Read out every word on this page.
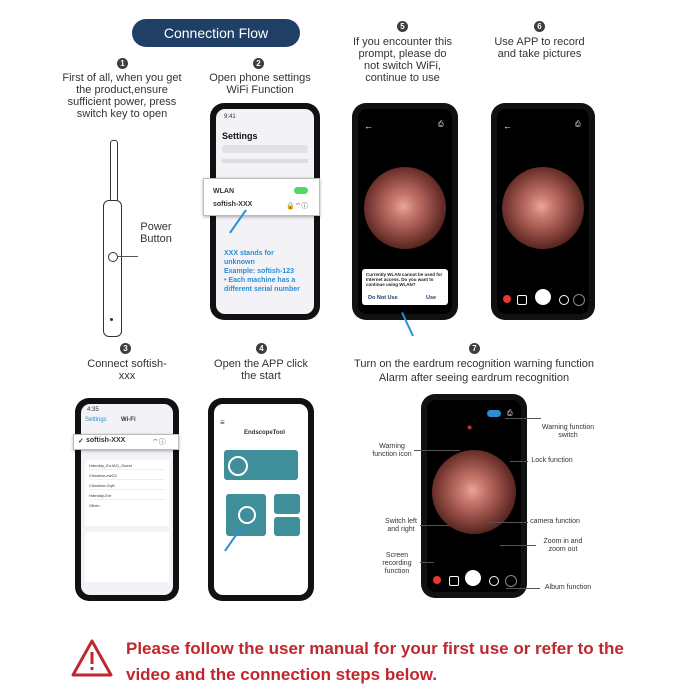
Connection Flow
1
First of all, when you get the product,ensure sufficient power, press switch key to open
Power Button
2
Open phone settings WiFi Function
9:41
Settings
XXX stands for unknown
Example: softish-123
• Each machine has a
different serial number
WLAN
softish-XXX	🔒⌔ⓘ
5
If you encounter this prompt, please do not switch WiFi, continue to use
←	⎙
Currently WLAN cannot be used for Internet access. Do you want to continue using WLAN?
Do Not Use	Use
6
Use APP to record and take pictures
←	⎙
3
Connect softish-xxx
4:35
Settings Wi-Fi
Hdmddy_EnJAO_Guest
Chinafun-ewG2
Chinafun-Gqf1
Hdmddy-Enr
Other...
✓ softish-XXX	⌔ⓘ
4
Open the APP click the start
≡
EndscopeTool
7
Turn on the eardrum recognition warning function
Alarm after seeing eardrum recognition
◉
⎙
Warning function icon
Warning function switch
Lock function
Switch left and right
camera function
Zoom in and zoom out
Screen recording function
Album function
Please follow the user manual for your first use or refer to the video and the connection steps below.
